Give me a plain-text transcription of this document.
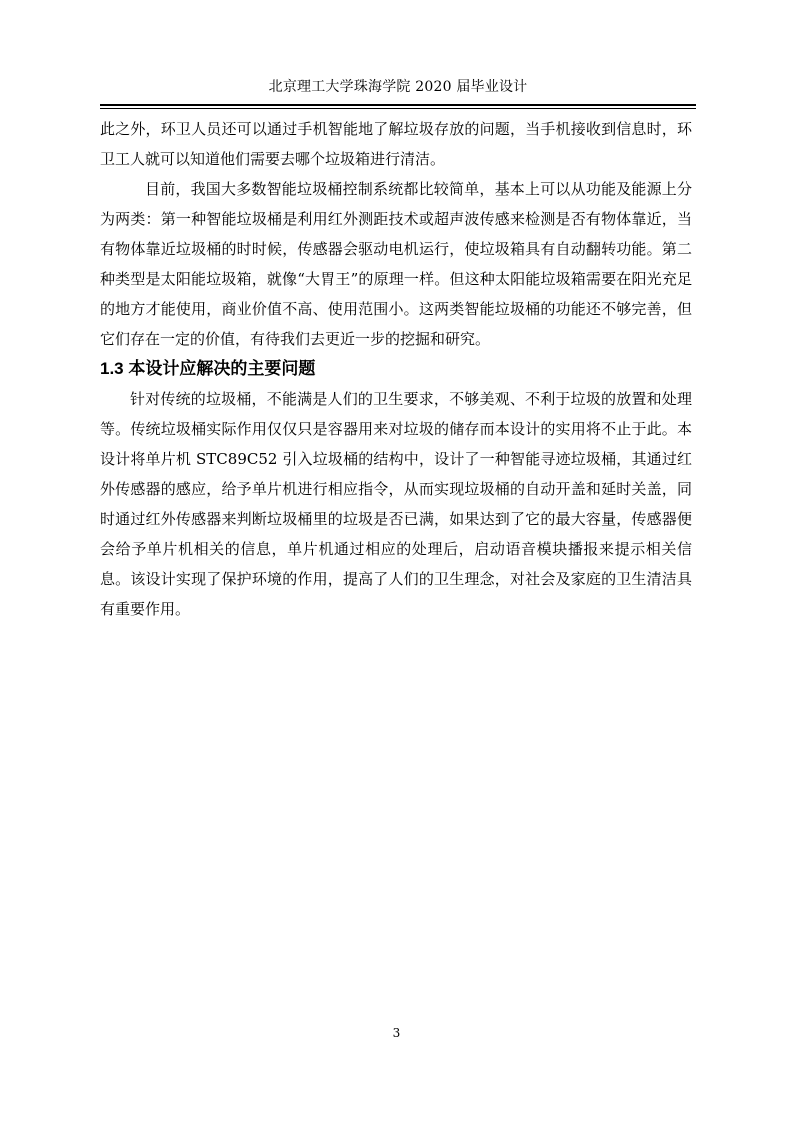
北京理工大学珠海学院 2020 届毕业设计

此之外，环卫人员还可以通过手机智能地了解垃圾存放的问题，当手机接收到信息时，环卫工人就可以知道他们需要去哪个垃圾箱进行清洁。

目前，我国大多数智能垃圾桶控制系统都比较简单，基本上可以从功能及能源上分为两类：第一种智能垃圾桶是利用红外测距技术或超声波传感来检测是否有物体靠近，当有物体靠近垃圾桶的时时候，传感器会驱动电机运行，使垃圾箱具有自动翻转功能。第二种类型是太阳能垃圾箱，就像“大胃王”的原理一样。但这种太阳能垃圾箱需要在阳光充足的地方才能使用，商业价值不高、使用范围小。这两类智能垃圾桶的功能还不够完善，但它们存在一定的价值，有待我们去更近一步的挖掘和研究。

1.3 本设计应解决的主要问题

针对传统的垃圾桶，不能满是人们的卫生要求，不够美观、不利于垃圾的放置和处理等。传统垃圾桶实际作用仅仅只是容器用来对垃圾的储存而本设计的实用将不止于此。本设计将单片机 STC89C52 引入垃圾桶的结构中，设计了一种智能寻迹垃圾桶，其通过红外传感器的感应，给予单片机进行相应指令，从而实现垃圾桶的自动开盖和延时关盖，同时通过红外传感器来判断垃圾桶里的垃圾是否已满，如果达到了它的最大容量，传感器便会给予单片机相关的信息，单片机通过相应的处理后，启动语音模块播报来提示相关信息。该设计实现了保护环境的作用，提高了人们的卫生理念，对社会及家庭的卫生清洁具有重要作用。

3
